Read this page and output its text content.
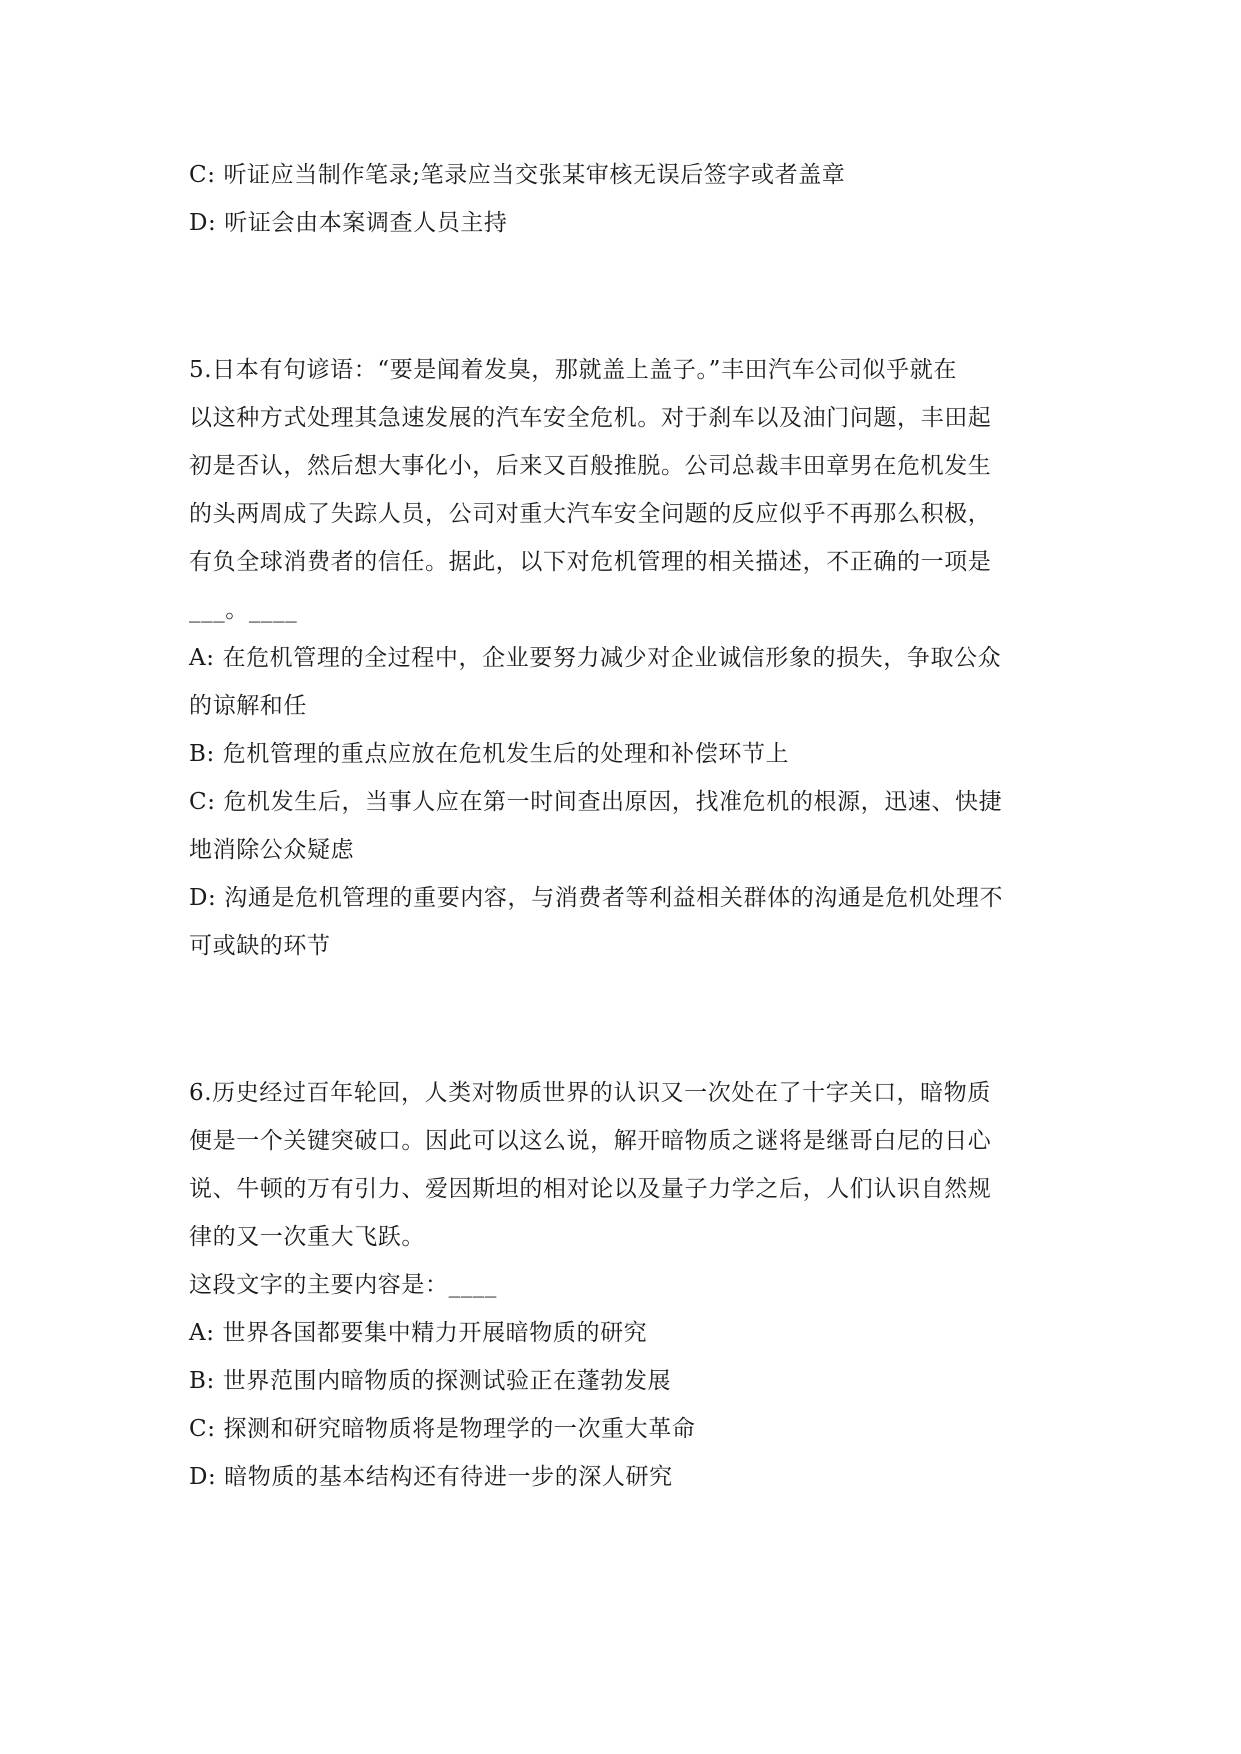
C: 听证应当制作笔录;笔录应当交张某审核无误后签字或者盖章
D: 听证会由本案调查人员主持
5.日本有句谚语：“要是闻着发臭，那就盖上盖子。”丰田汽车公司似乎就在
以这种方式处理其急速发展的汽车安全危机。对于刹车以及油门问题，丰田起
初是否认，然后想大事化小，后来又百般推脱。公司总裁丰田章男在危机发生
的头两周成了失踪人员，公司对重大汽车安全问题的反应似乎不再那么积极，
有负全球消费者的信任。据此，以下对危机管理的相关描述，不正确的一项是
___。____
A: 在危机管理的全过程中，企业要努力减少对企业诚信形象的损失，争取公众
的谅解和任
B: 危机管理的重点应放在危机发生后的处理和补偿环节上
C: 危机发生后，当事人应在第一时间查出原因，找准危机的根源，迅速、快捷
地消除公众疑虑
D: 沟通是危机管理的重要内容，与消费者等利益相关群体的沟通是危机处理不
可或缺的环节
6.历史经过百年轮回，人类对物质世界的认识又一次处在了十字关口，暗物质
便是一个关键突破口。因此可以这么说，解开暗物质之谜将是继哥白尼的日心
说、牛顿的万有引力、爱因斯坦的相对论以及量子力学之后，人们认识自然规
律的又一次重大飞跃。
这段文字的主要内容是：____
A: 世界各国都要集中精力开展暗物质的研究
B: 世界范围内暗物质的探测试验正在蓬勃发展
C: 探测和研究暗物质将是物理学的一次重大革命
D: 暗物质的基本结构还有待进一步的深人研究
